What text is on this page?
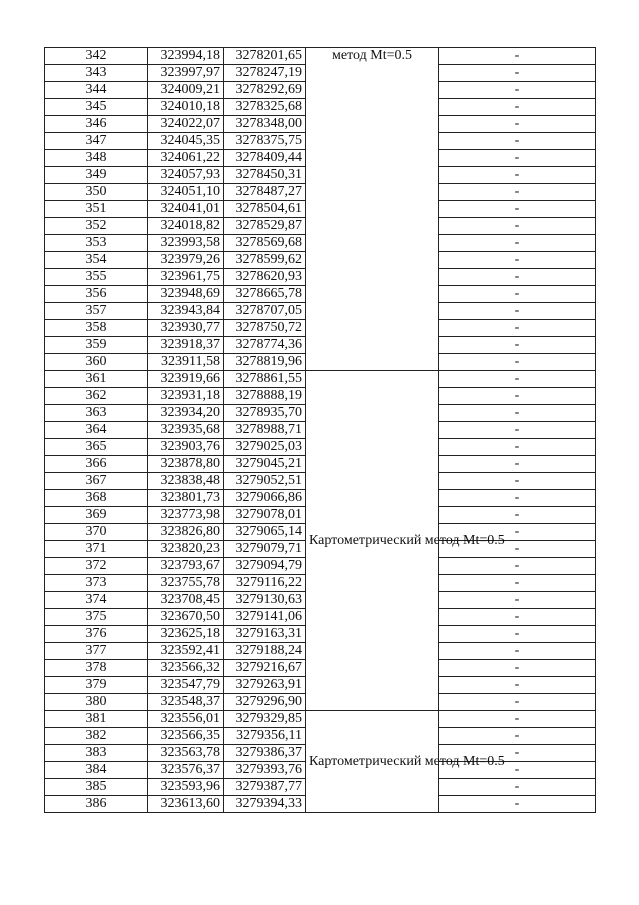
342	323994,18	3278201,65	метод Mt=0.5	-
343	323997,97	3278247,19		-
344	324009,21	3278292,69		-
345	324010,18	3278325,68		-
346	324022,07	3278348,00		-
347	324045,35	3278375,75		-
348	324061,22	3278409,44		-
349	324057,93	3278450,31		-
350	324051,10	3278487,27		-
351	324041,01	3278504,61		-
352	324018,82	3278529,87		-
353	323993,58	3278569,68		-
354	323979,26	3278599,62		-
355	323961,75	3278620,93		-
356	323948,69	3278665,78		-
357	323943,84	3278707,05		-
358	323930,77	3278750,72		-
359	323918,37	3278774,36		-
360	323911,58	3278819,96		-
361	323919,66	3278861,55	Картометрический метод Mt=0.5	-
362	323931,18	3278888,19		-
363	323934,20	3278935,70		-
364	323935,68	3278988,71		-
365	323903,76	3279025,03		-
366	323878,80	3279045,21		-
367	323838,48	3279052,51		-
368	323801,73	3279066,86		-
369	323773,98	3279078,01		-
370	323826,80	3279065,14		-
371	323820,23	3279079,71		-
372	323793,67	3279094,79		-
373	323755,78	3279116,22		-
374	323708,45	3279130,63		-
375	323670,50	3279141,06		-
376	323625,18	3279163,31		-
377	323592,41	3279188,24		-
378	323566,32	3279216,67		-
379	323547,79	3279263,91		-
380	323548,37	3279296,90		-
381	323556,01	3279329,85	Картометрический метод Mt=0.5	-
382	323566,35	3279356,11		-
383	323563,78	3279386,37		-
384	323576,37	3279393,76		-
385	323593,96	3279387,77		-
386	323613,60	3279394,33		-
